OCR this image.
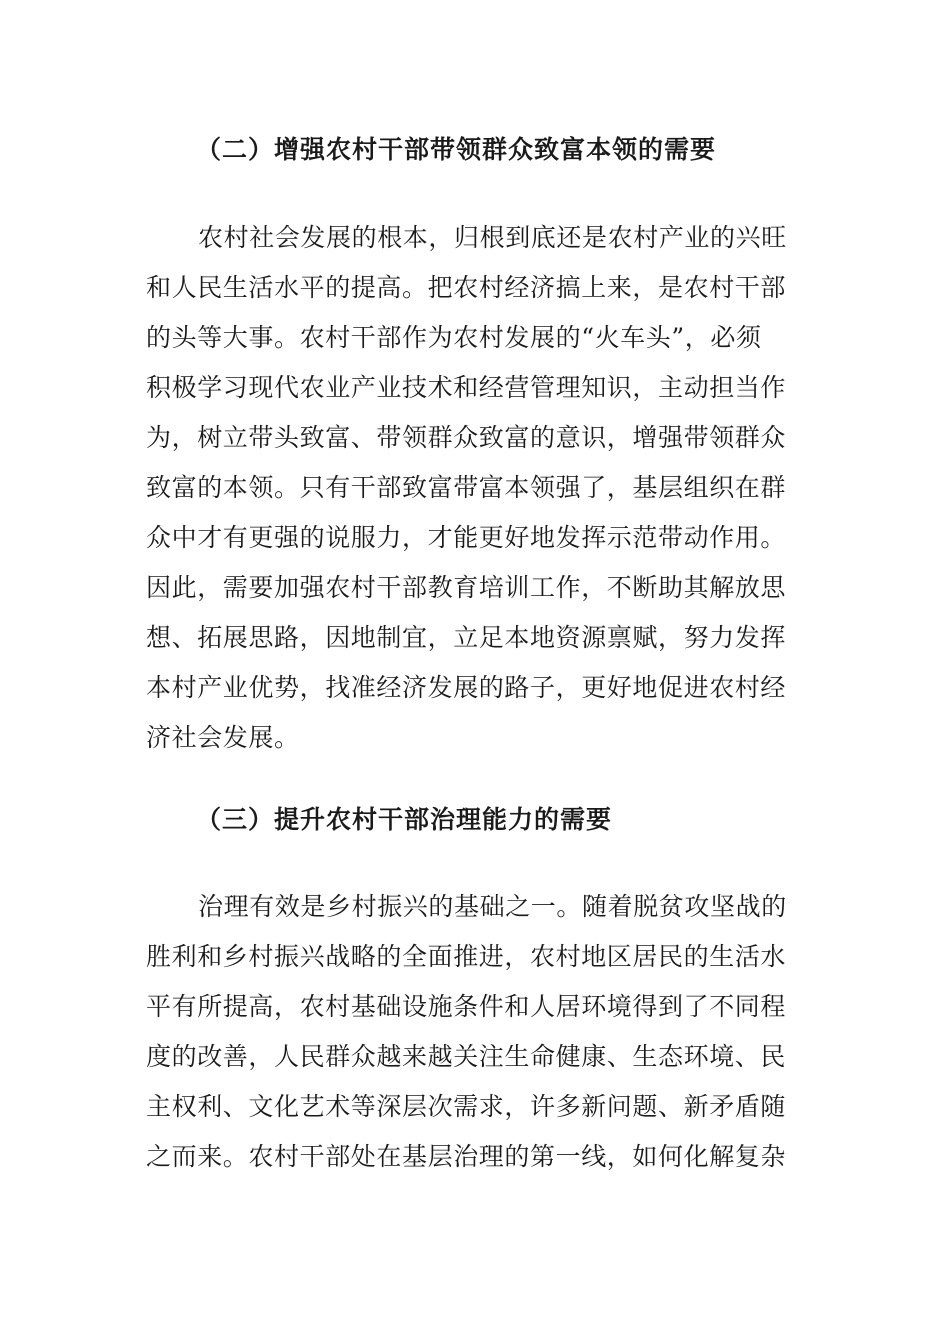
（二）增强农村干部带领群众致富本领的需要
农村社会发展的根本，归根到底还是农村产业的兴旺
和人民生活水平的提高。把农村经济搞上来，是农村干部
的头等大事。农村干部作为农村发展的“火车头”，必须
积极学习现代农业产业技术和经营管理知识，主动担当作
为，树立带头致富、带领群众致富的意识，增强带领群众
致富的本领。只有干部致富带富本领强了，基层组织在群
众中才有更强的说服力，才能更好地发挥示范带动作用。
因此，需要加强农村干部教育培训工作，不断助其解放思
想、拓展思路，因地制宜，立足本地资源禀赋，努力发挥
本村产业优势，找准经济发展的路子，更好地促进农村经
济社会发展。
（三）提升农村干部治理能力的需要
治理有效是乡村振兴的基础之一。随着脱贫攻坚战的
胜利和乡村振兴战略的全面推进，农村地区居民的生活水
平有所提高，农村基础设施条件和人居环境得到了不同程
度的改善，人民群众越来越关注生命健康、生态环境、民
主权利、文化艺术等深层次需求，许多新问题、新矛盾随
之而来。农村干部处在基层治理的第一线，如何化解复杂
